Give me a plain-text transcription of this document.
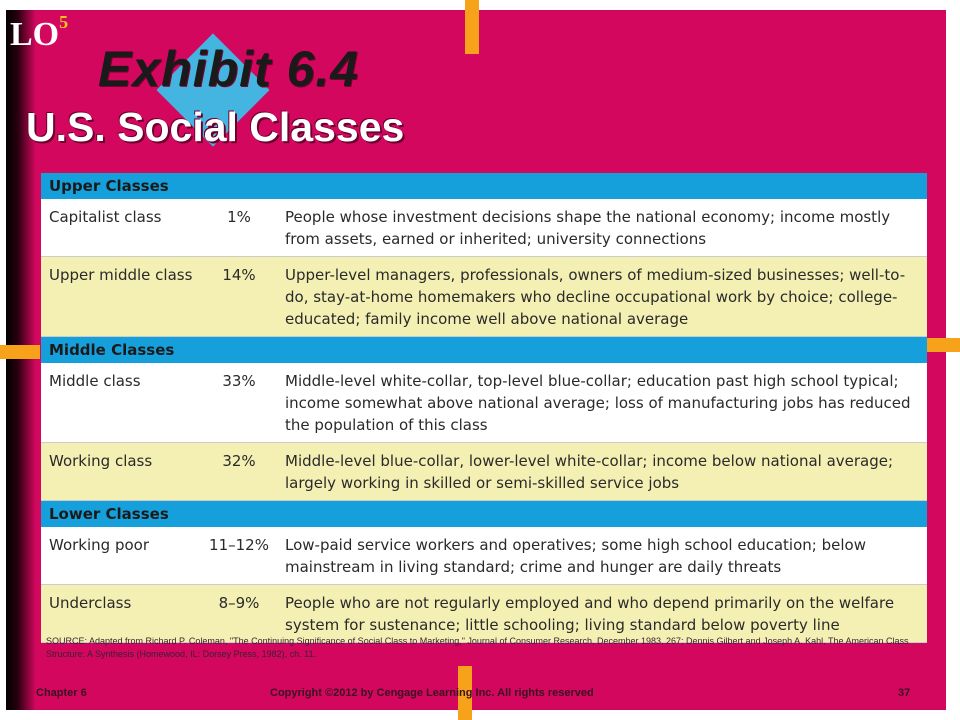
$LO^5$
Exhibit 6.4
U.S. Social Classes
Upper Classes
Capitalist class	1%	People whose investment decisions shape the national economy; income mostly from assets, earned or inherited; university connections
Upper middle class	14%	Upper-level managers, professionals, owners of medium-sized businesses; well-to-do, stay-at-home homemakers who decline occupational work by choice; college-educated; family income well above national average
Middle Classes
Middle class	33%	Middle-level white-collar, top-level blue-collar; education past high school typical; income somewhat above national average; loss of manufacturing jobs has reduced the population of this class
Working class	32%	Middle-level blue-collar, lower-level white-collar; income below national average; largely working in skilled or semi-skilled service jobs
Lower Classes
Working poor	11–12%	Low-paid service workers and operatives; some high school education; below mainstream in living standard; crime and hunger are daily threats
Underclass	8–9%	People who are not regularly employed and who depend primarily on the welfare system for sustenance; little schooling; living standard below poverty line
SOURCE: Adapted from Richard P. Coleman, "The Continuing Significance of Social Class to Marketing," Journal of Consumer Research, December 1983, 267; Dennis Gilbert and Joseph A. Kahl, The American Class Structure: A Synthesis (Homewood, IL: Dorsey Press, 1982), ch. 11.
Chapter 6	Copyright ©2012 by Cengage Learning Inc. All rights reserved	37
